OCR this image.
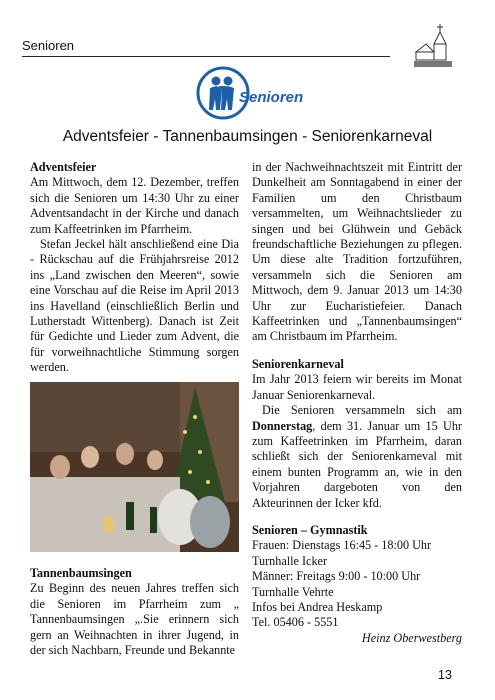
Senioren
Senioren
Adventsfeier - Tannenbaumsingen - Seniorenkarneval

Adventsfeier

Am Mittwoch, dem 12. Dezember, treffen sich die Senioren um 14:30 Uhr zu einer Adventsandacht in der Kirche und danach zum Kaffeetrinken im Pfarrheim.

Stefan Jeckel hält anschließend eine Dia - Rückschau auf die Frühjahrsreise 2012 ins „Land zwischen den Meeren“, sowie eine Vorschau auf die Reise im April 2013 ins Havelland (einschließlich Berlin und Lutherstadt Wittenberg). Danach ist Zeit für Gedichte und Lieder zum Advent, die für vorweihnachtliche Stimmung sorgen werden.

Tannenbaumsingen

Zu Beginn des neuen Jahres treffen sich die Senioren im Pfarrheim zum „ Tannenbaumsingen „.Sie erinnern sich gern an Weihnachten in ihrer Jugend, in der sich Nachbarn, Freunde und Bekannte

in der Nachweihnachtszeit mit Eintritt der Dunkelheit am Sonntagabend in einer der Familien um den Christbaum versammelten, um Weihnachtslieder zu singen und bei Glühwein und Gebäck freundschaftliche Beziehungen zu pflegen. Um diese alte Tradition fortzuführen, versammeln sich die Senioren am Mittwoch, dem 9. Januar 2013 um 14:30 Uhr zur Eucharistiefeier. Danach Kaffeetrinken und „Tannenbaumsingen“ am Christbaum im Pfarrheim.

Seniorenkarneval

Im Jahr 2013 feiern wir bereits im Monat Januar Seniorenkarneval.

Die Senioren versammeln sich am Donnerstag, dem 31. Januar um 15 Uhr zum Kaffeetrinken im Pfarrheim, daran schließt sich der Seniorenkarneval mit einem bunten Programm an, wie in den Vorjahren dargeboten von den Akteurinnen der Icker kfd.

Senioren – Gymnastik

Frauen: Dienstags 16:45 - 18:00 Uhr

Turnhalle Icker

Männer: Freitags 9:00 - 10:00 Uhr

Turnhalle Vehrte

Infos bei Andrea Heskamp

Tel. 05406 - 5551

Heinz Oberwestberg

13
